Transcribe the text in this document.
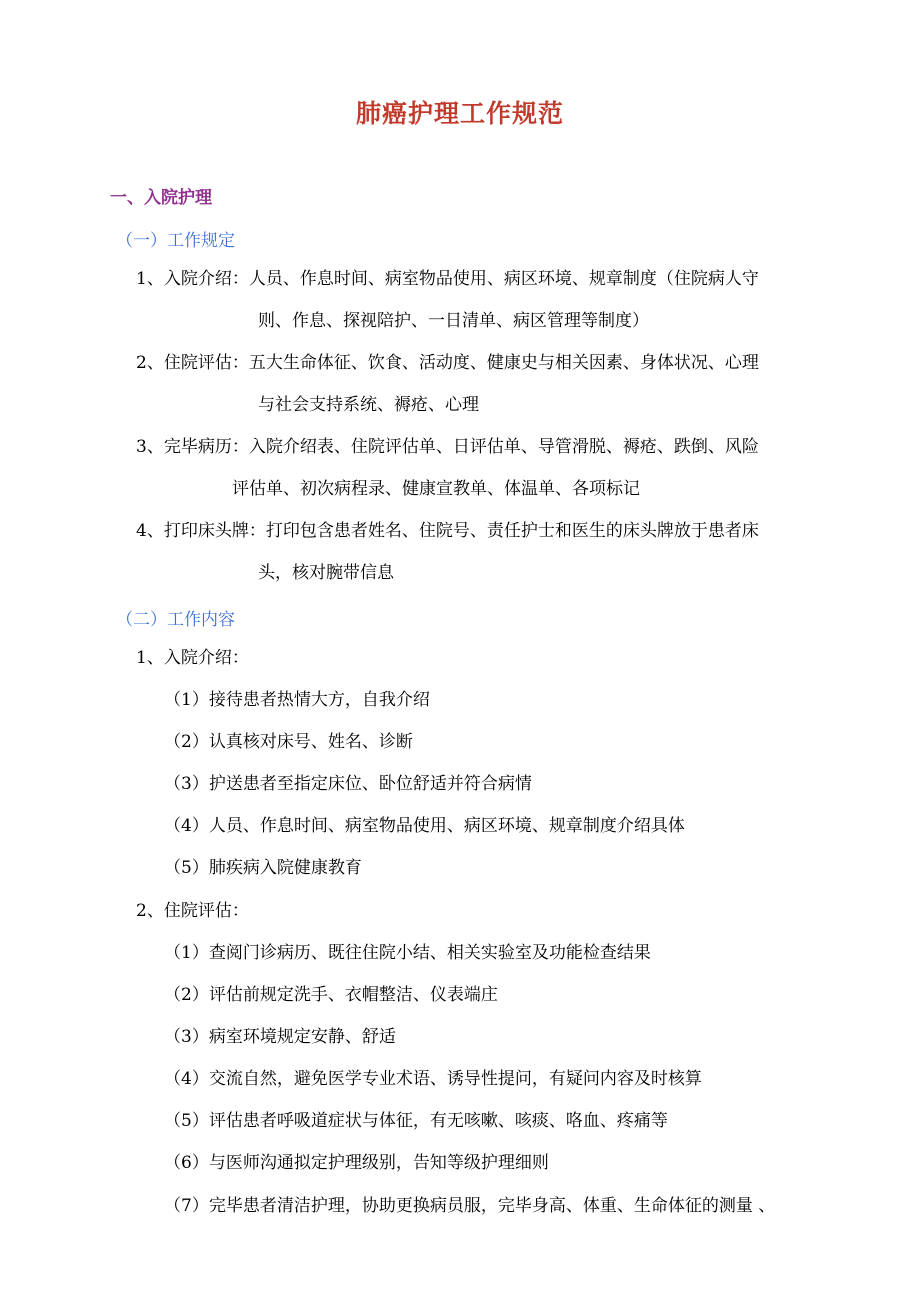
肺癌护理工作规范
一、入院护理
（一）工作规定
1、入院介绍：人员、作息时间、病室物品使用、病区环境、规章制度（住院病人守
则、作息、探视陪护、一日清单、病区管理等制度）
2、住院评估：五大生命体征、饮食、活动度、健康史与相关因素、身体状况、心理
与社会支持系统、褥疮、心理
3、完毕病历：入院介绍表、住院评估单、日评估单、导管滑脱、褥疮、跌倒、风险
评估单、初次病程录、健康宣教单、体温单、各项标记
4、打印床头牌：打印包含患者姓名、住院号、责任护士和医生的床头牌放于患者床
头，核对腕带信息
（二）工作内容
1、入院介绍：
（1）接待患者热情大方，自我介绍
（2）认真核对床号、姓名、诊断
（3）护送患者至指定床位、卧位舒适并符合病情
（4）人员、作息时间、病室物品使用、病区环境、规章制度介绍具体
（5）肺疾病入院健康教育
2、住院评估：
（1）查阅门诊病历、既往住院小结、相关实验室及功能检查结果
（2）评估前规定洗手、衣帽整洁、仪表端庄
（3）病室环境规定安静、舒适
（4）交流自然，避免医学专业术语、诱导性提问，有疑问内容及时核算
（5）评估患者呼吸道症状与体征，有无咳嗽、咳痰、咯血、疼痛等
（6）与医师沟通拟定护理级别，告知等级护理细则
（7）完毕患者清洁护理，协助更换病员服，完毕身高、体重、生命体征的测量 、
